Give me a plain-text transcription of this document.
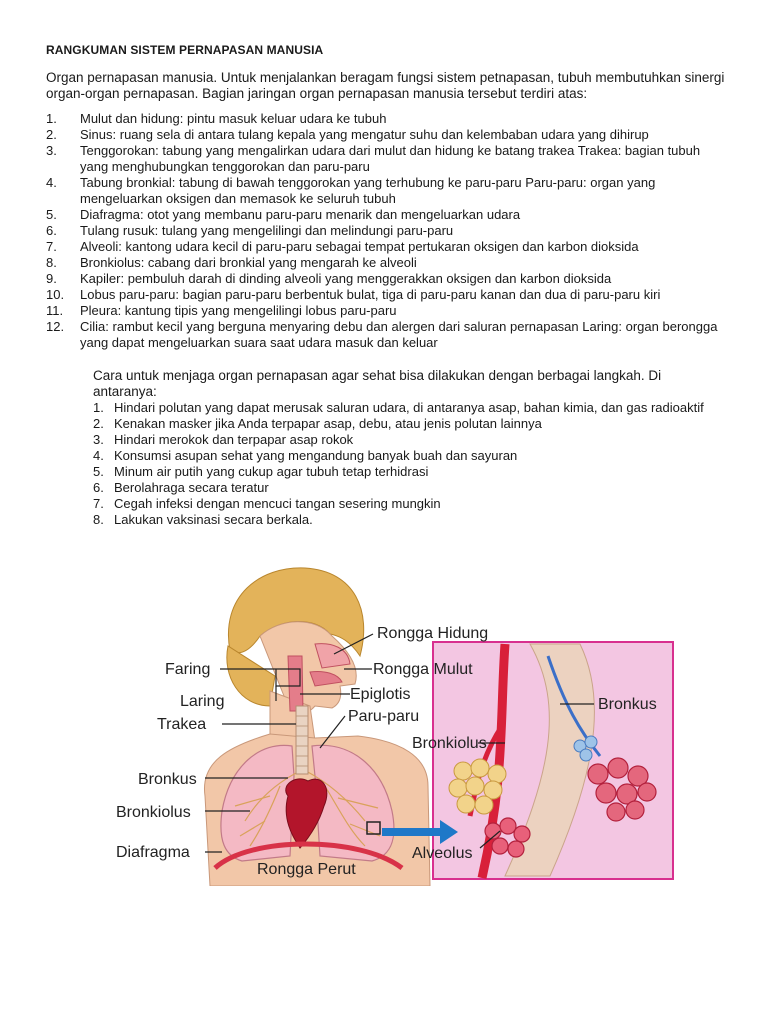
RANGKUMAN SISTEM PERNAPASAN MANUSIA
Organ pernapasan manusia. Untuk menjalankan beragam fungsi sistem petnapasan, tubuh membutuhkan sinergi organ-organ pernapasan. Bagian jaringan organ pernapasan manusia tersebut terdiri atas:
1.	Mulut dan hidung: pintu masuk keluar udara ke tubuh
2.	Sinus: ruang sela di antara tulang kepala yang mengatur suhu dan kelembaban udara yang dihirup
3.	Tenggorokan: tabung yang mengalirkan udara dari mulut dan hidung ke batang trakea Trakea: bagian tubuh yang menghubungkan tenggorokan dan paru-paru
4.	Tabung bronkial: tabung di bawah tenggorokan yang terhubung ke paru-paru Paru-paru: organ yang mengeluarkan oksigen dan memasok ke seluruh tubuh
5.	Diafragma: otot yang membanu paru-paru menarik dan mengeluarkan udara
6.	Tulang rusuk: tulang yang mengelilingi dan melindungi paru-paru
7.	Alveoli: kantong udara kecil di paru-paru sebagai tempat pertukaran oksigen dan karbon dioksida
8.	Bronkiolus: cabang dari bronkial yang mengarah ke alveoli
9.	Kapiler: pembuluh darah di dinding alveoli yang menggerakkan oksigen dan karbon dioksida
10.	Lobus paru-paru: bagian paru-paru berbentuk bulat, tiga di paru-paru kanan dan dua di paru-paru kiri
11.	Pleura: kantung tipis yang mengelilingi lobus paru-paru
12.	Cilia: rambut kecil yang berguna menyaring debu dan alergen dari saluran pernapasan Laring: organ berongga yang dapat mengeluarkan suara saat udara masuk dan keluar
Cara untuk menjaga organ pernapasan agar sehat bisa dilakukan dengan berbagai langkah. Di antaranya:
1. Hindari polutan yang dapat merusak saluran udara, di antaranya asap, bahan kimia, dan gas radioaktif
2. Kenakan masker jika Anda terpapar asap, debu, atau jenis polutan lainnya
3. Hindari merokok dan terpapar asap rokok
4. Konsumsi asupan sehat yang mengandung banyak buah dan sayuran
5. Minum air putih yang cukup agar tubuh tetap terhidrasi
6. Berolahraga secara teratur
7. Cegah infeksi dengan mencuci tangan sesering mungkin
8. Lakukan vaksinasi secara berkala.
Rongga Hidung
Faring	Rongga Mulut
Laring	Epiglotis
Trakea	Paru-paru
Bronkus
Bronkiolus
Diafragma
Rongga Perut
Bronkiolus
Bronkus
Alveolus
